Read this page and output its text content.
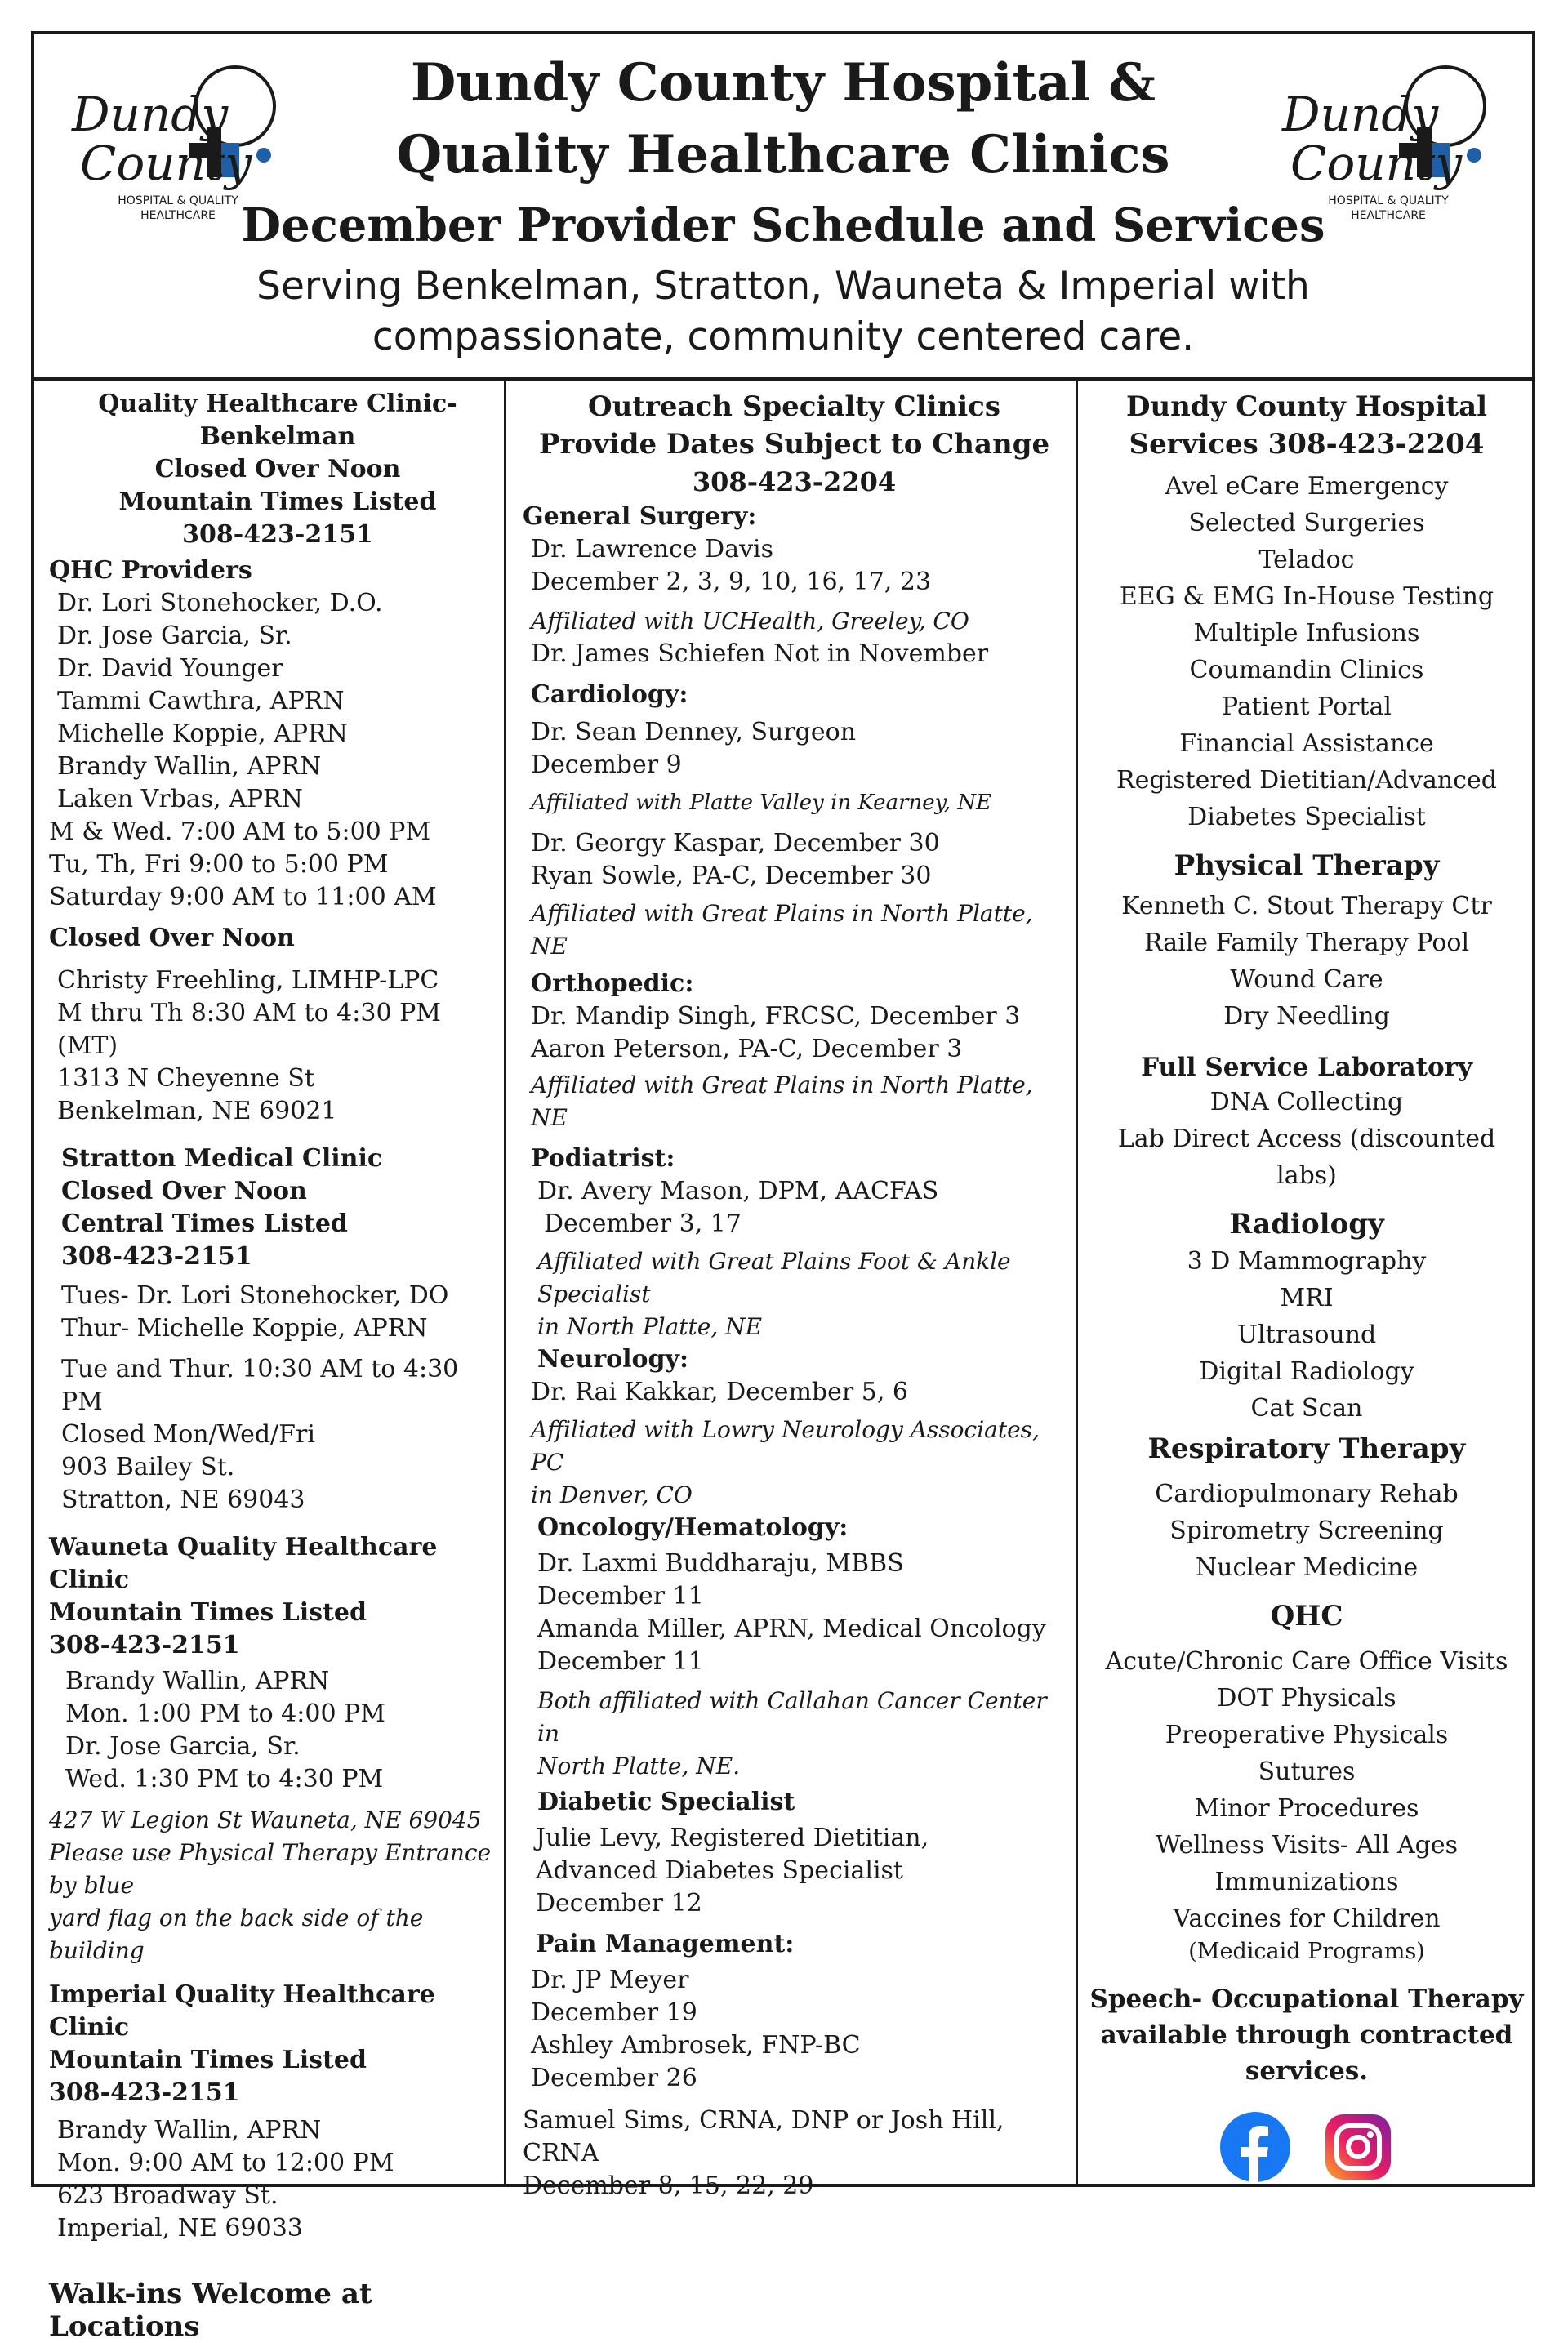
Dundy
County
HOSPITAL & QUALITY
HEALTHCARE
Dundy
County
HOSPITAL & QUALITY
HEALTHCARE
Dundy County Hospital &
Quality Healthcare Clinics
December Provider Schedule and Services
Serving Benkelman, Stratton, Wauneta & Imperial with
compassionate, community centered care.
Quality Healthcare Clinic- Benkelman
Closed Over Noon
Mountain Times Listed
308-423-2151
QHC Providers
Dr. Lori Stonehocker, D.O.
Dr. Jose Garcia, Sr.
Dr. David Younger
Tammi Cawthra, APRN
Michelle Koppie, APRN
Brandy Wallin, APRN
Laken Vrbas, APRN
M & Wed. 7:00 AM to 5:00 PM
Tu, Th, Fri 9:00 to 5:00 PM
Saturday 9:00 AM to 11:00 AM
Closed Over Noon
Christy Freehling, LIMHP-LPC
M thru Th 8:30 AM to 4:30 PM (MT)
1313 N Cheyenne St
Benkelman, NE 69021
Stratton Medical Clinic
Closed Over Noon
Central Times Listed
308-423-2151
Tues- Dr. Lori Stonehocker, DO
Thur- Michelle Koppie, APRN
Tue and Thur. 10:30 AM to 4:30 PM
Closed Mon/Wed/Fri
903 Bailey St.
Stratton, NE 69043
Wauneta Quality Healthcare Clinic
Mountain Times Listed
308-423-2151
Brandy Wallin, APRN
Mon. 1:00 PM to 4:00 PM
Dr. Jose Garcia, Sr.
Wed. 1:30 PM to 4:30 PM
427 W Legion St Wauneta, NE 69045
Please use Physical Therapy Entrance by blue
yard flag on the back side of the building
Imperial Quality Healthcare Clinic
Mountain Times Listed
308-423-2151
Brandy Wallin, APRN
Mon. 9:00 AM to 12:00 PM
623 Broadway St.
Imperial, NE 69033
Walk-ins Welcome at Locations
Outreach Specialty Clinics
Provide Dates Subject to Change
308-423-2204
General Surgery:
Dr. Lawrence Davis
December 2, 3, 9, 10, 16, 17, 23
Affiliated with UCHealth, Greeley, CO
Dr. James Schiefen Not in November
Cardiology:
Dr. Sean Denney, Surgeon
December 9
Affiliated with Platte Valley in Kearney, NE
Dr. Georgy Kaspar, December 30
Ryan Sowle, PA-C, December 30
Affiliated with Great Plains in North Platte, NE
Orthopedic:
Dr. Mandip Singh, FRCSC, December 3
Aaron Peterson, PA-C, December 3
Affiliated with Great Plains in North Platte, NE
Podiatrist:
Dr. Avery Mason, DPM, AACFAS
December 3, 17
Affiliated with Great Plains Foot & Ankle Specialist
in North Platte, NE
Neurology:
Dr. Rai Kakkar, December 5, 6
Affiliated with Lowry Neurology Associates, PC
in Denver, CO
Oncology/Hematology:
Dr. Laxmi Buddharaju, MBBS
December 11
Amanda Miller, APRN, Medical Oncology
December 11
Both affiliated with Callahan Cancer Center in
North Platte, NE.
Diabetic Specialist
Julie Levy, Registered Dietitian,
Advanced Diabetes Specialist
December 12
Pain Management:
Dr. JP Meyer
December 19
Ashley Ambrosek, FNP-BC
December 26
Samuel Sims, CRNA, DNP or Josh Hill, CRNA
December 8, 15, 22, 29
Dundy County Hospital
Services 308-423-2204
Avel eCare Emergency
Selected Surgeries
Teladoc
EEG & EMG In-House Testing
Multiple Infusions
Coumandin Clinics
Patient Portal
Financial Assistance
Registered Dietitian/Advanced
Diabetes Specialist
Physical Therapy
Kenneth C. Stout Therapy Ctr
Raile Family Therapy Pool
Wound Care
Dry Needling
Full Service Laboratory
DNA Collecting
Lab Direct Access (discounted labs)
Radiology
3 D Mammography
MRI
Ultrasound
Digital Radiology
Cat Scan
Respiratory Therapy
Cardiopulmonary Rehab
Spirometry Screening
Nuclear Medicine
QHC
Acute/Chronic Care Office Visits
DOT Physicals
Preoperative Physicals
Sutures
Minor Procedures
Wellness Visits- All Ages
Immunizations
Vaccines for Children
(Medicaid Programs)
Speech- Occupational Therapy
available through contracted
services.
